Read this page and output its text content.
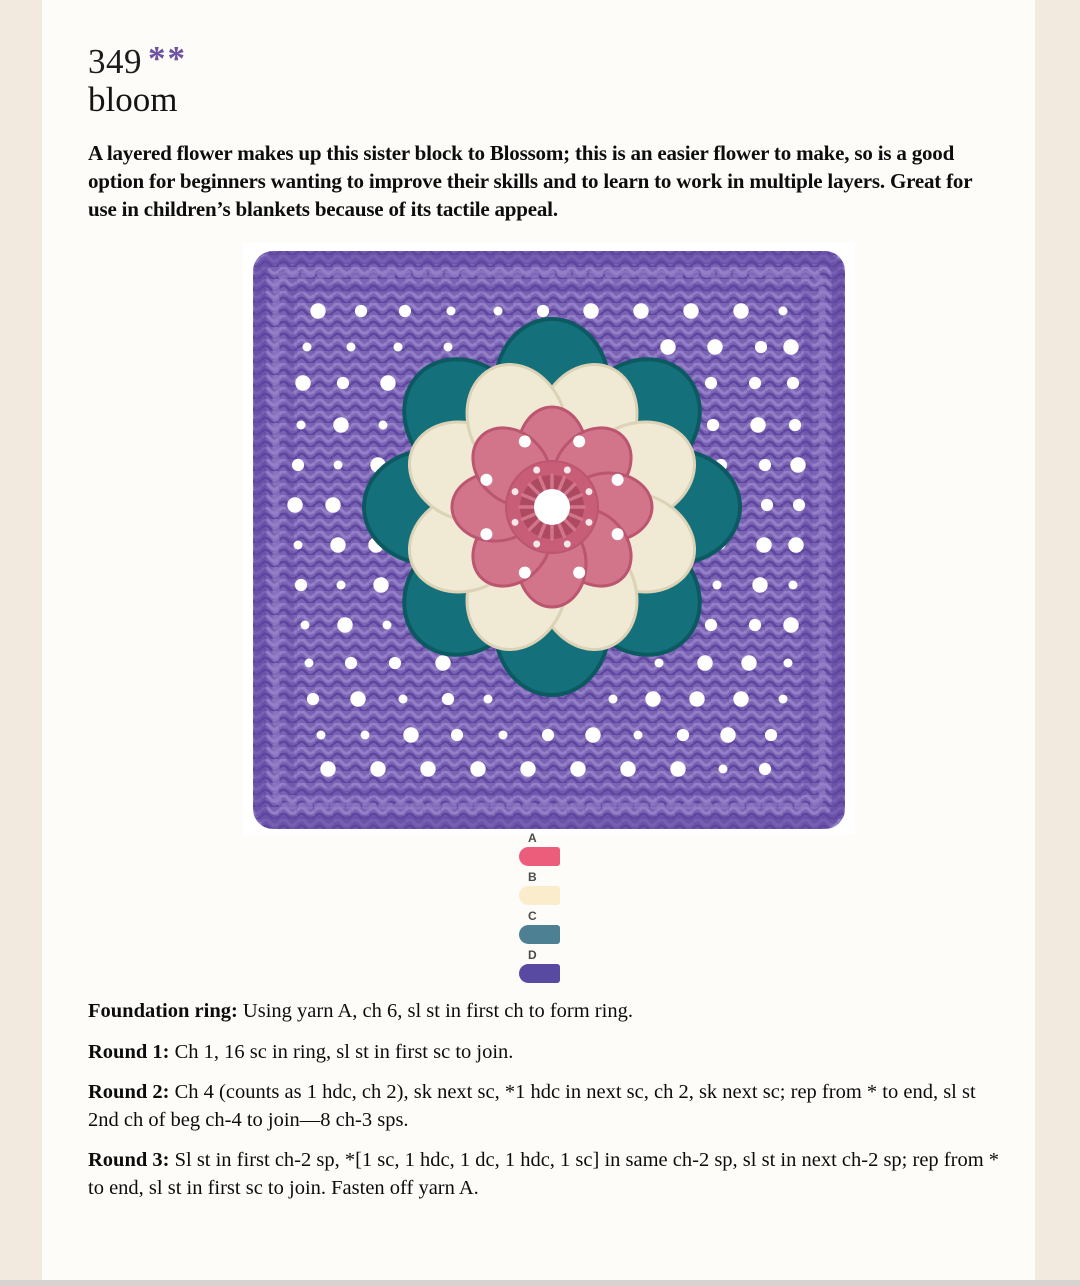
349 **
bloom

A layered flower makes up this sister block to Blossom; this is an easier flower to make, so is a good option for beginners wanting to improve their skills and to learn to work in multiple layers. Great for use in children’s blankets because of its tactile appeal.

A
B
C
D

Foundation ring: Using yarn A, ch 6, sl st in first ch to form ring.

Round 1: Ch 1, 16 sc in ring, sl st in first sc to join.

Round 2: Ch 4 (counts as 1 hdc, ch 2), sk next sc, *1 hdc in next sc, ch 2, sk next sc; rep from * to end, sl st 2nd ch of beg ch-4 to join—8 ch-3 sps.

Round 3: Sl st in first ch-2 sp, *[1 sc, 1 hdc, 1 dc, 1 hdc, 1 sc] in same ch-2 sp, sl st in next ch-2 sp; rep from * to end, sl st in first sc to join. Fasten off yarn A.
